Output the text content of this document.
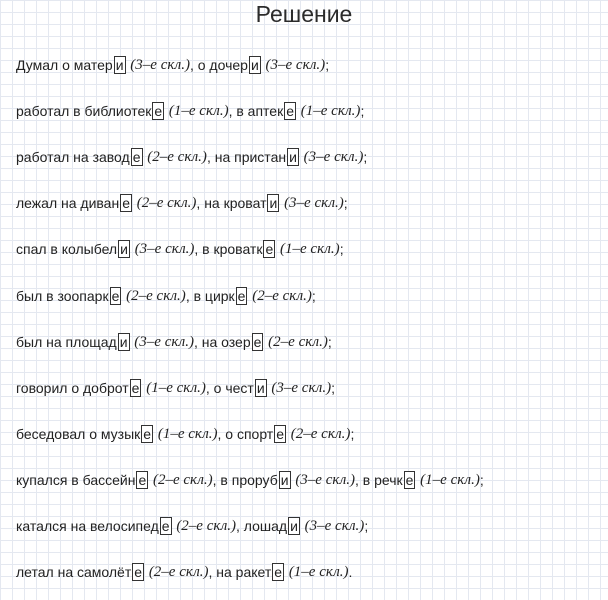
Решение
Думал о матер и (3–е скл.) , о дочер и (3–е скл.) ;
работал в библиотек е (1–е скл.) , в аптек е (1–е скл.) ;
работал на завод е (2–е скл.) , на пристан и (3–е скл.) ;
лежал на диван е (2–е скл.) , на кроват и (3–е скл.) ;
спал в колыбел и (3–е скл.) , в кроватк е (1–е скл.) ;
был в зоопарк е (2–е скл.) , в цирк е (2–е скл.) ;
был на площад и (3–е скл.) , на озер е (2–е скл.) ;
говорил о доброт е (1–е скл.) , о чест и (3–е скл.) ;
беседовал о музык е (1–е скл.) , о спорт е (2–е скл.) ;
купался в бассейн е (2–е скл.) , в проруб и (3–е скл.) , в речк е (1–е скл.) ;
катался на велосипед е (2–е скл.) , лошад и (3–е скл.) ;
летал на самолёт е (2–е скл.) , на ракет е (1–е скл.) .
